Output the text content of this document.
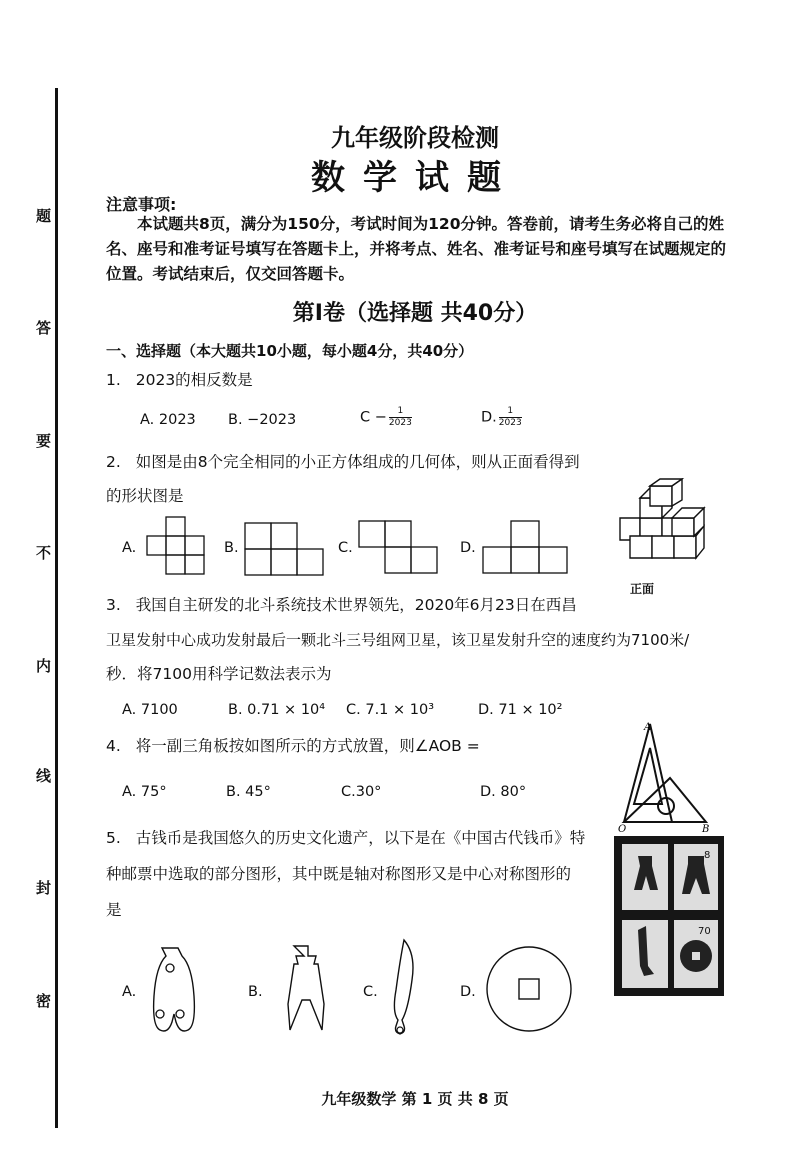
题
答
要
不
内
线
封
密
九年级阶段检测
数学试题
注意事项:
本试题共8页，满分为150分，考试时间为120分钟。答卷前，请考生务必将自己的姓名、座号和准考证号填写在答题卡上，并将考点、姓名、准考证号和座号填写在试题规定的位置。考试结束后，仅交回答题卡。
第Ⅰ卷（选择题 共40分）
一、选择题（本大题共10小题，每小题4分，共40分）
1. 2023的相反数是
A. 2023 B. −2023	$C - \frac{1}{2023}$	D. $\frac{1}{2023}$
2. 如图是由8个完全相同的小正方体组成的几何体，则从正面看得到
的形状图是
A.	B.	C.	D.
正面
3. 我国自主研发的北斗系统技术世界领先，2020年6月23日在西昌
卫星发射中心成功发射最后一颗北斗三号组网卫星，该卫星发射升空的速度约为7100米/
秒．将7100用科学记数法表示为
A. 7100	B. 0.71 × 10⁴ C. 7.1 × 10³	D. 71 × 10²
4. 将一副三角板按如图所示的方式放置，则∠AOB =
A. 75°	B. 45°	C.30°	D. 80°
A
O	B
5. 古钱币是我国悠久的历史文化遗产，以下是在《中国古代钱币》特
种邮票中选取的部分图形，其中既是轴对称图形又是中心对称图形的
是
8
70
A.	B.	C.	D.
九年级数学 第 1 页 共 8 页
